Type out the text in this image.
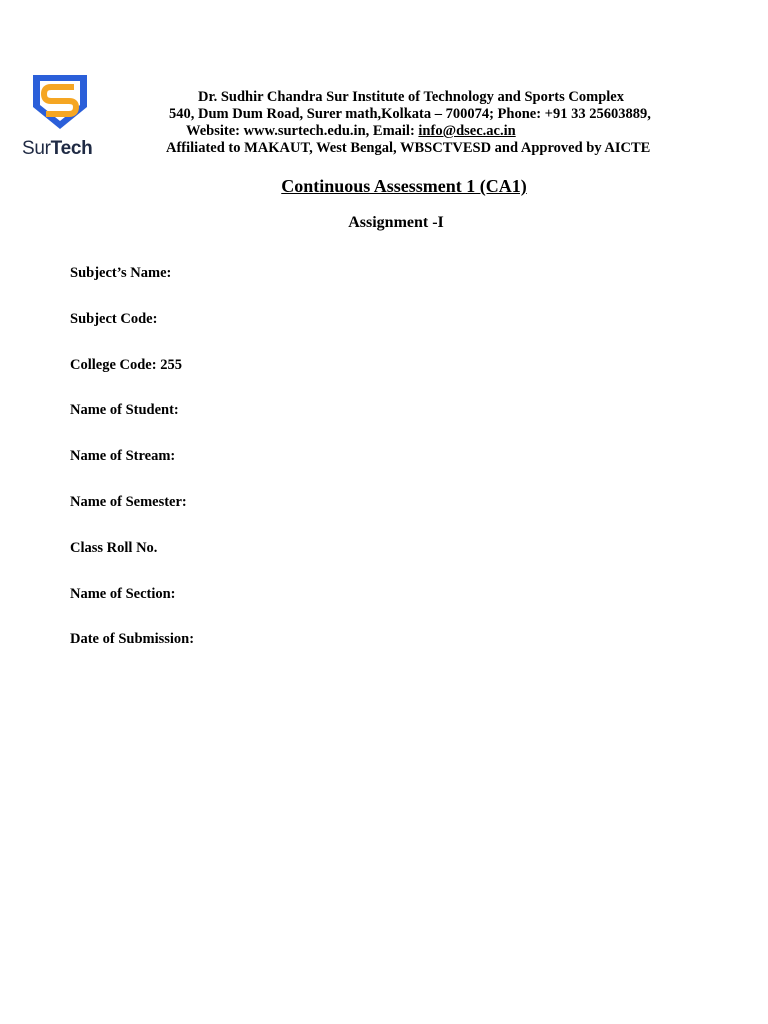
SurTech
Dr. Sudhir Chandra Sur Institute of Technology and Sports Complex
540, Dum Dum Road, Surer math,Kolkata – 700074; Phone: +91 33 25603889,
Website: www.surtech.edu.in, Email: info@dsec.ac.in
Affiliated to MAKAUT, West Bengal, WBSCTVESD and Approved by AICTE
Continuous Assessment 1 (CA1)
Assignment -I
Subject’s Name:
Subject Code:
College Code: 255
Name of Student:
Name of Stream:
Name of Semester:
Class Roll No.
Name of Section:
Date of Submission:
